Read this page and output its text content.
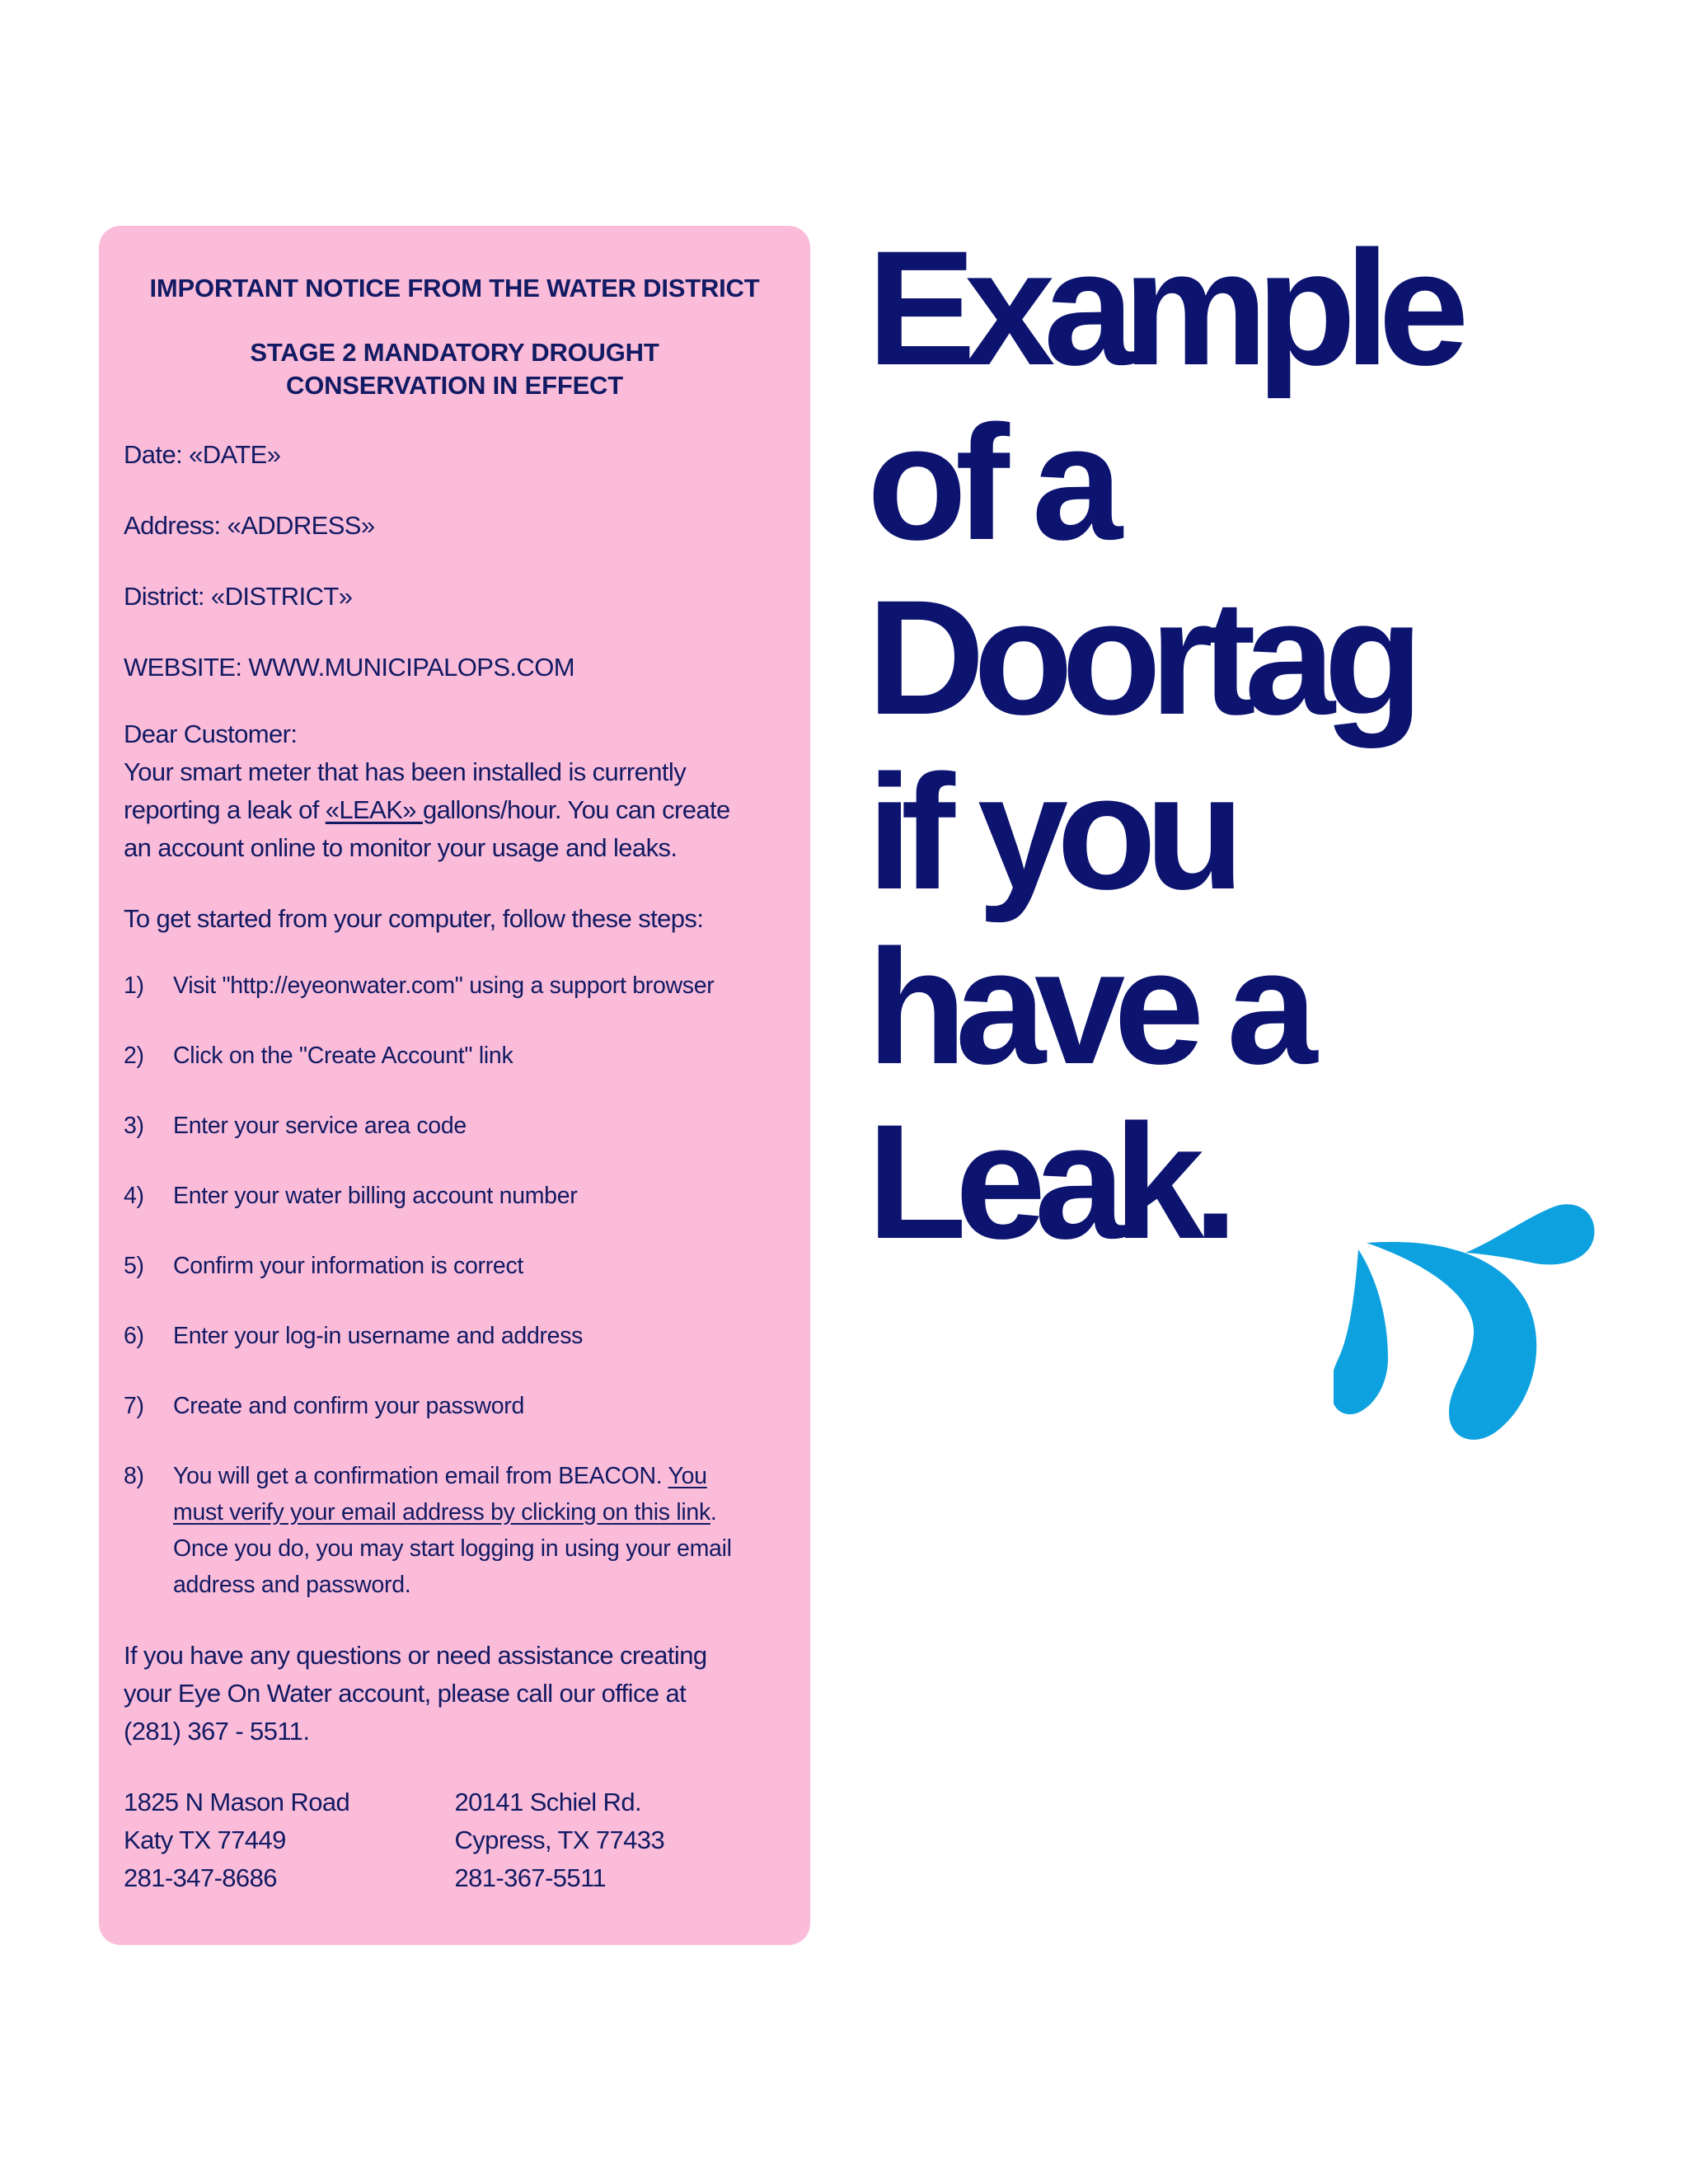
IMPORTANT NOTICE FROM THE WATER DISTRICT
STAGE 2 MANDATORY DROUGHT CONSERVATION IN EFFECT
Date: «DATE»
Address: «ADDRESS»
District: «DISTRICT»
WEBSITE: WWW.MUNICIPALOPS.COM
Dear Customer:
Your smart meter that has been installed is currently
reporting a leak of «LEAK» gallons/hour. You can create
an account online to monitor your usage and leaks.
To get started from your computer, follow these steps:
1)	Visit "http://eyeonwater.com" using a support browser
2)	Click on the "Create Account" link
3)	Enter your service area code
4)	Enter your water billing account number
5)	Confirm your information is correct
6)	Enter your log-in username and address
7)	Create and confirm your password
8)	You will get a confirmation email from BEACON. You
must verify your email address by clicking on this link.
Once you do, you may start logging in using your email
address and password.
If you have any questions or need assistance creating
your Eye On Water account, please call our office at
(281) 367 - 5511.
1825 N Mason Road
Katy TX 77449
281-347-8686
20141 Schiel Rd.
Cypress, TX 77433
281-367-5511
Example
of a
Doortag
if you
have a
Leak.
